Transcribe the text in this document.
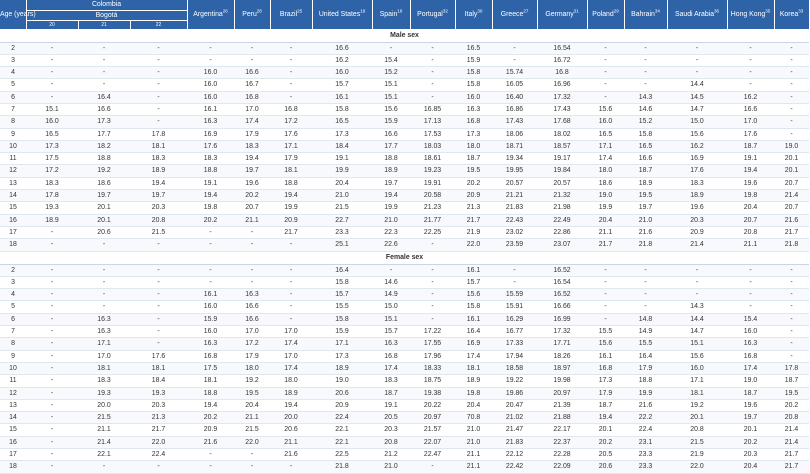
Age (years)	Colombia			Argentina$^{26}$	Peru$^{28}$	Brazil$^{25}$	United States$^{19}$	Spain$^{16}$	Portugal$^{32}$	Italy$^{30}$	Greece$^{27}$	Germany$^{31}$	Poland$^{29}$	Bahrain$^{34}$	Saudi Arabia$^{36}$	Hong Kong$^{35}$	Korea$^{33}$
	Bogotá																
	20	21	22														
Male sex																	
2	-	-	-	-	-	-	16.6	-	-	16.5	-	16.54	-	-	-	-	-
3	-	-	-	-	-	-	16.2	15.4	-	15.9	-	16.72	-	-	-	-	-
4	-	-	-	16.0	16.6	-	16.0	15.2	-	15.8	15.74	16.8	-	-	-	-	-
5	-	-	-	16.0	16.7	-	15.7	15.1	-	15.8	16.05	16.96	-	-	14.4	-	-
6	-	16.4	-	16.0	16.8	-	16.1	15.1	-	16.0	16.40	17.32	-	14.3	14.5	16.2	-
7	15.1	16.6	-	16.1	17.0	16.8	15.8	15.6	16.85	16.3	16.86	17.43	15.6	14.6	14.7	16.6	-
8	16.0	17.3	-	16.3	17.4	17.2	16.5	15.9	17.13	16.8	17.43	17.68	16.0	15.2	15.0	17.0	-
9	16.5	17.7	17.8	16.9	17.9	17.6	17.3	16.6	17.53	17.3	18.06	18.02	16.5	15.8	15.6	17.6	-
10	17.3	18.2	18.1	17.6	18.3	17.1	18.4	17.7	18.03	18.0	18.71	18.57	17.1	16.5	16.2	18.7	19.0
11	17.5	18.8	18.3	18.3	19.4	17.9	19.1	18.8	18.61	18.7	19.34	19.17	17.4	16.6	16.9	19.1	20.1
12	17.2	19.2	18.9	18.8	19.7	18.1	19.9	18.9	19.23	19.5	19.95	19.84	18.0	18.7	17.6	19.4	20.1
13	18.3	18.6	19.4	19.1	19.6	18.8	20.4	19.7	19.91	20.2	20.57	20.57	18.6	18.9	18.3	19.6	20.7
14	17.8	19.7	19.7	19.4	20.2	19.4	21.0	19.4	20.58	20.9	21.21	21.32	19.0	19.5	18.9	19.8	21.4
15	19.3	20.1	20.3	19.8	20.7	19.9	21.5	19.9	21.23	21.3	21.83	21.98	19.9	19.7	19.6	20.4	20.7
16	18.9	20.1	20.8	20.2	21.1	20.9	22.7	21.0	21.77	21.7	22.43	22.49	20.4	21.0	20.3	20.7	21.6
17	-	20.6	21.5	-	-	21.7	23.3	22.3	22.25	21.9	23.02	22.86	21.1	21.6	20.9	20.8	21.7
18	-	-	-	-	-	-	25.1	22.6	-	22.0	23.59	23.07	21.7	21.8	21.4	21.1	21.8
Female sex																	
2	-	-	-	-	-	-	16.4	-	-	16.1	-	16.52	-	-	-	-	-
3	-	-	-	-	-	-	15.8	14.6	-	15.7	-	16.54	-	-	-	-	-
4	-	-	-	16.1	16.3	-	15.7	14.9	-	15.6	15.59	16.52	-	-	-	-	-
5	-	-	-	16.0	16.6	-	15.5	15.0	-	15.8	15.91	16.66	-	-	14.3	-	-
6	-	16.3	-	15.9	16.6	-	15.8	15.1	-	16.1	16.29	16.99	-	14.8	14.4	15.4	-
7	-	16.3	-	16.0	17.0	17.0	15.9	15.7	17.22	16.4	16.77	17.32	15.5	14.9	14.7	16.0	-
8	-	17.1	-	16.3	17.2	17.4	17.1	16.3	17.55	16.9	17.33	17.71	15.6	15.5	15.1	16.3	-
9	-	17.0	17.6	16.8	17.9	17.0	17.3	16.8	17.96	17.4	17.94	18.26	16.1	16.4	15.6	16.8	-
10	-	18.1	18.1	17.5	18.0	17.4	18.9	17.4	18.33	18.1	18.58	18.97	16.8	17.9	16.0	17.4	17.8
11	-	18.3	18.4	18.1	19.2	18.0	19.0	18.3	18.75	18.9	19.22	19.98	17.3	18.8	17.1	19.0	18.7
12	-	19.3	19.3	18.8	19.5	18.9	20.6	18.7	19.38	19.8	19.86	20.97	17.9	19.9	18.1	18.7	19.5
13	-	20.0	20.3	19.4	20.4	19.4	20.9	19.1	20.22	20.4	20.47	21.39	18.7	21.6	19.2	19.6	20.2
14	-	21.5	21.3	20.2	21.1	20.0	22.4	20.5	20.97	70.8	21.02	21.88	19.4	22.2	20.1	19.7	20.8
15	-	21.1	21.7	20.9	21.5	20.6	22.1	20.3	21.57	21.0	21.47	22.17	20.1	22.4	20.8	20.1	21.4
16	-	21.4	22.0	21.6	22.0	21.1	22.1	20.8	22.07	21.0	21.83	22.37	20.2	23.1	21.5	20.2	21.4
17	-	22.1	22.4	-	-	21.6	22.5	21.2	22.47	21.1	22.12	22.28	20.5	23.3	21.9	20.3	21.7
18	-	-	-	-	-	-	21.8	21.0	-	21.1	22.42	22.09	20.6	23.3	22.0	20.4	21.7
